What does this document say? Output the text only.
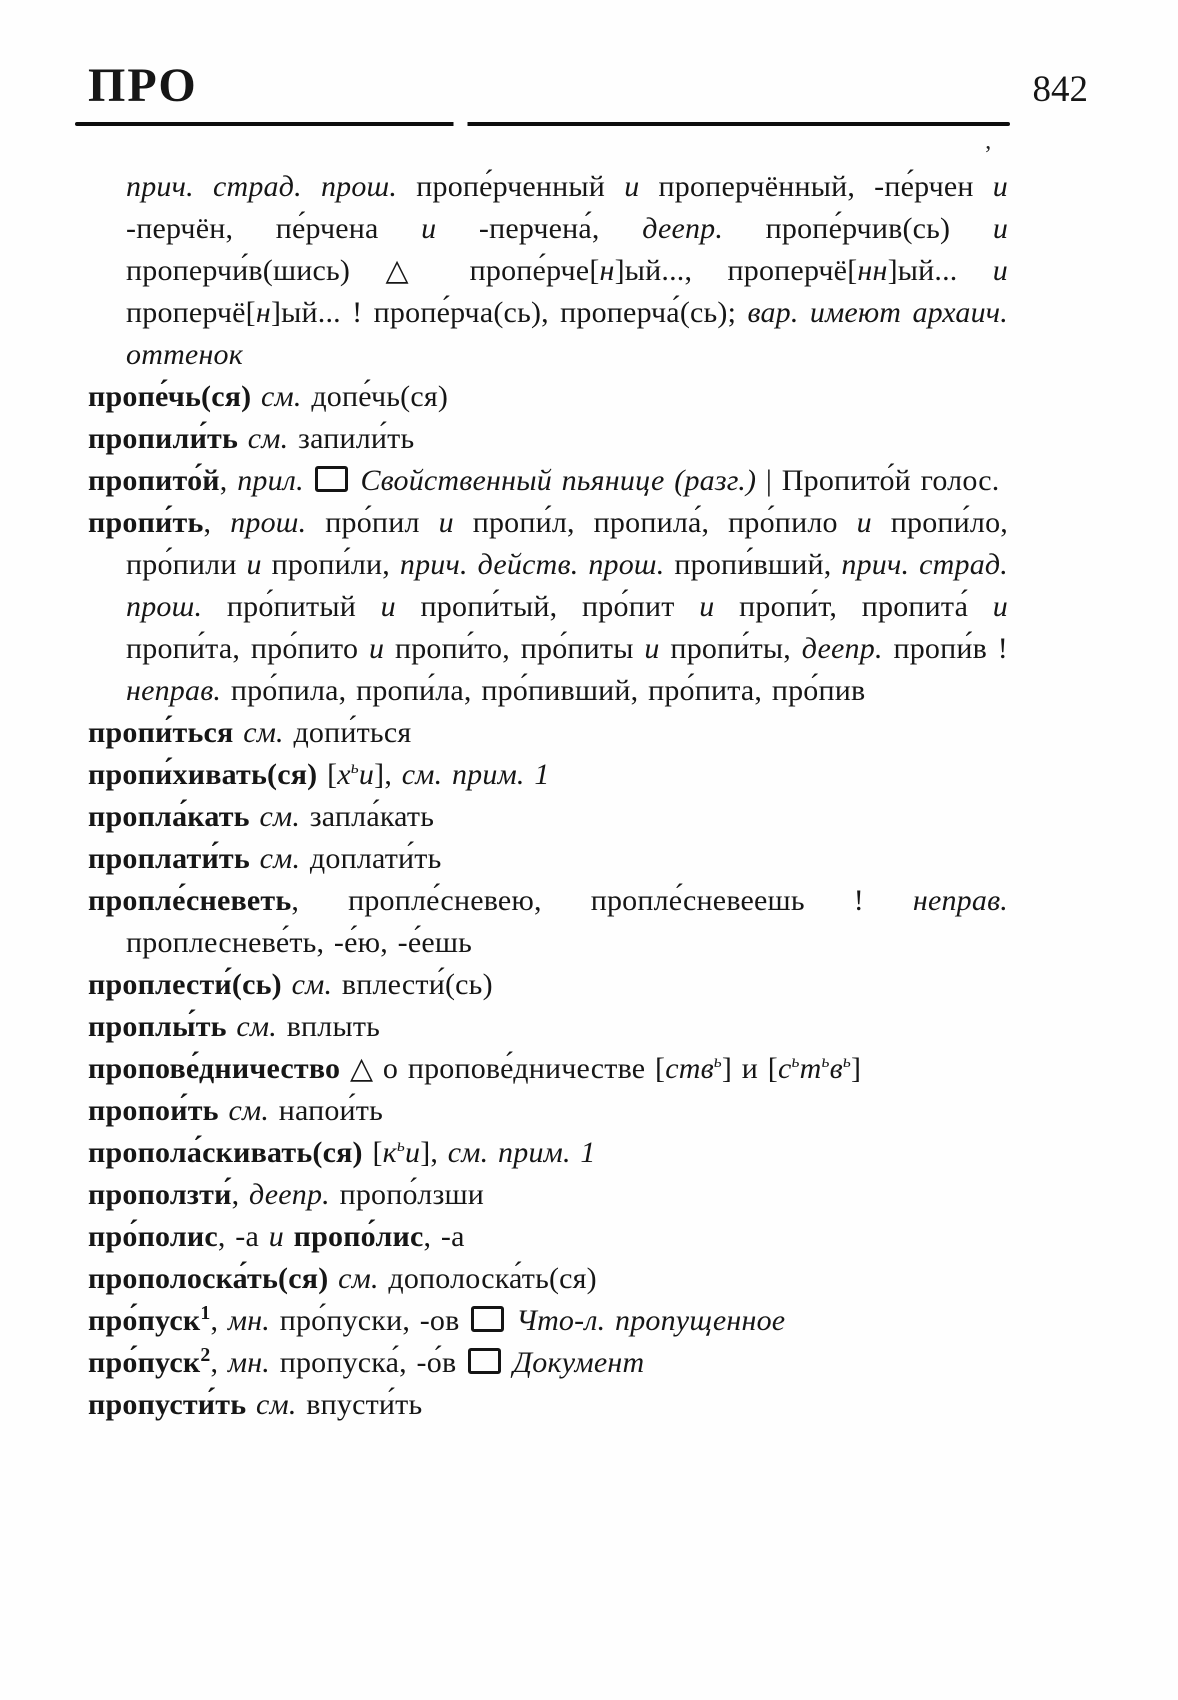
ПРО	842
ʼ

прич. страд. прош. пропе́рченный и проперчённый, -пе́рчен и -перчён, пе́рчена и -перчена́, деепр. пропе́рчив(сь) и проперчи́в(шись) △ пропе́рче[н]ый..., проперчё[нн]ый... и проперчё[н]ый... ! пропе́рча(сь), проперча́(сь); вар. имеют архаич. оттенок

пропе́чь(ся) см. допе́чь(ся)

пропили́ть см. запили́ть

пропито́й, прил. Свойственный пьянице (разг.) | Пропито́й голос.

пропи́ть, прош. про́пил и пропи́л, пропила́, про́пило и пропи́ло, про́пили и пропи́ли, прич. действ. прош. пропи́вший, прич. страд. прош. про́питый и пропи́тый, про́пит и пропи́т, пропита́ и пропи́та, про́пито и пропи́то, про́питы и пропи́ты, деепр. пропи́в ! неправ. про́пила, пропи́ла, про́пивший, про́пита, про́пив

пропи́ться см. допи́ться

пропи́хивать(ся) $[х^ьи]$, см. прим. 1

пропла́кать см. запла́кать

проплати́ть см. доплати́ть

пропле́сневеть, пропле́сневею, пропле́сневеешь ! неправ. проплесневе́ть, -е́ю, -е́ешь

проплести́(сь) см. вплести́(сь)

проплы́ть см. вплыть

пропове́дничество △ о пропове́дничестве [ств$^ь$] и $[с^ьт^ьв^ь]$

пропои́ть см. напои́ть

пропола́скивать(ся) $[к^ьи]$, см. прим. 1

проползти́, деепр. пропо́лзши

про́полис, -а и пропо́лис, -а

прополоска́ть(ся) см. дополоска́ть(ся)

про́пуск$^1$, мн. про́пуски, -ов Что-л. пропущенное

про́пуск$^2$, мн. пропуска́, -о́в Документ

пропусти́ть см. впусти́ть
